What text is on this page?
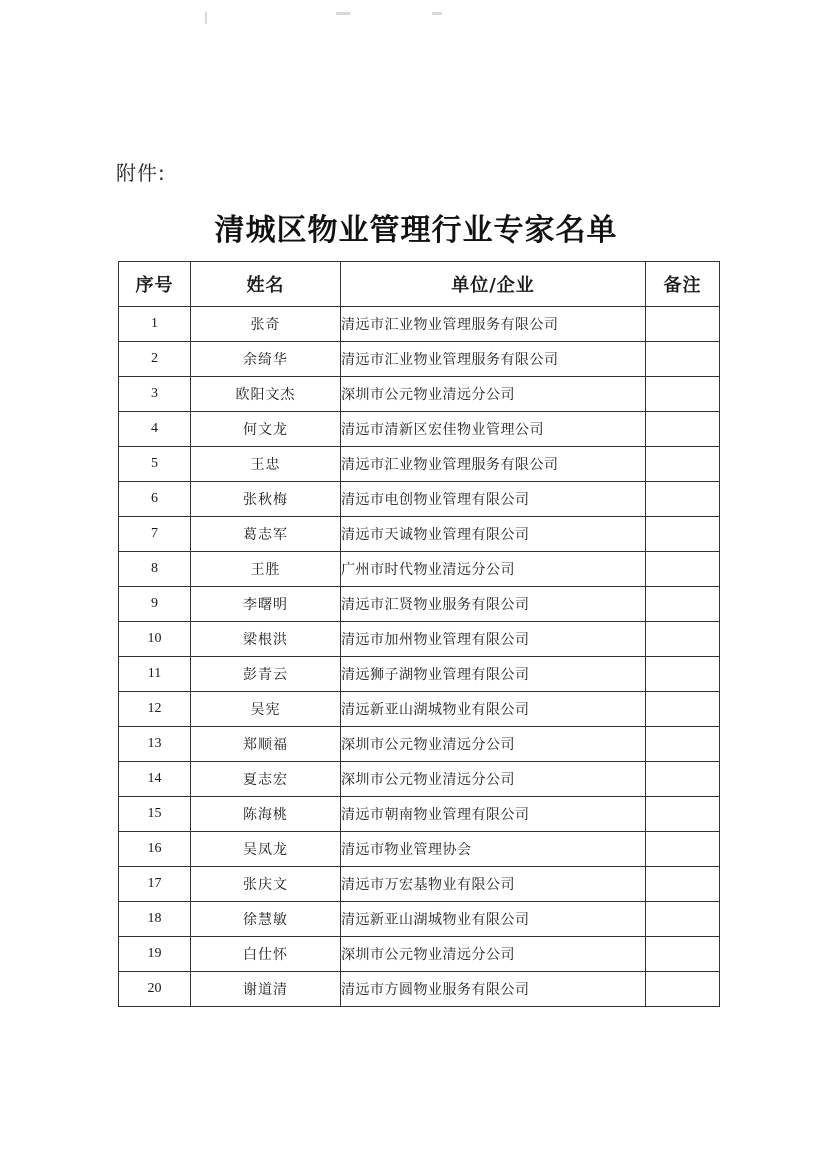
附件:
清城区物业管理行业专家名单
序号	姓名	单位/企业	备注
1	张奇	清远市汇业物业管理服务有限公司	
2	余绮华	清远市汇业物业管理服务有限公司	
3	欧阳文杰	深圳市公元物业清远分公司	
4	何文龙	清远市清新区宏佳物业管理公司	
5	王忠	清远市汇业物业管理服务有限公司	
6	张秋梅	清远市电创物业管理有限公司	
7	葛志军	清远市天诚物业管理有限公司	
8	王胜	广州市时代物业清远分公司	
9	李曙明	清远市汇贤物业服务有限公司	
10	梁根洪	清远市加州物业管理有限公司	
11	彭青云	清远狮子湖物业管理有限公司	
12	吴宪	清远新亚山湖城物业有限公司	
13	郑顺福	深圳市公元物业清远分公司	
14	夏志宏	深圳市公元物业清远分公司	
15	陈海桃	清远市朝南物业管理有限公司	
16	吴凤龙	清远市物业管理协会	
17	张庆文	清远市万宏基物业有限公司	
18	徐慧敏	清远新亚山湖城物业有限公司	
19	白仕怀	深圳市公元物业清远分公司	
20	谢道清	清远市方圆物业服务有限公司	
